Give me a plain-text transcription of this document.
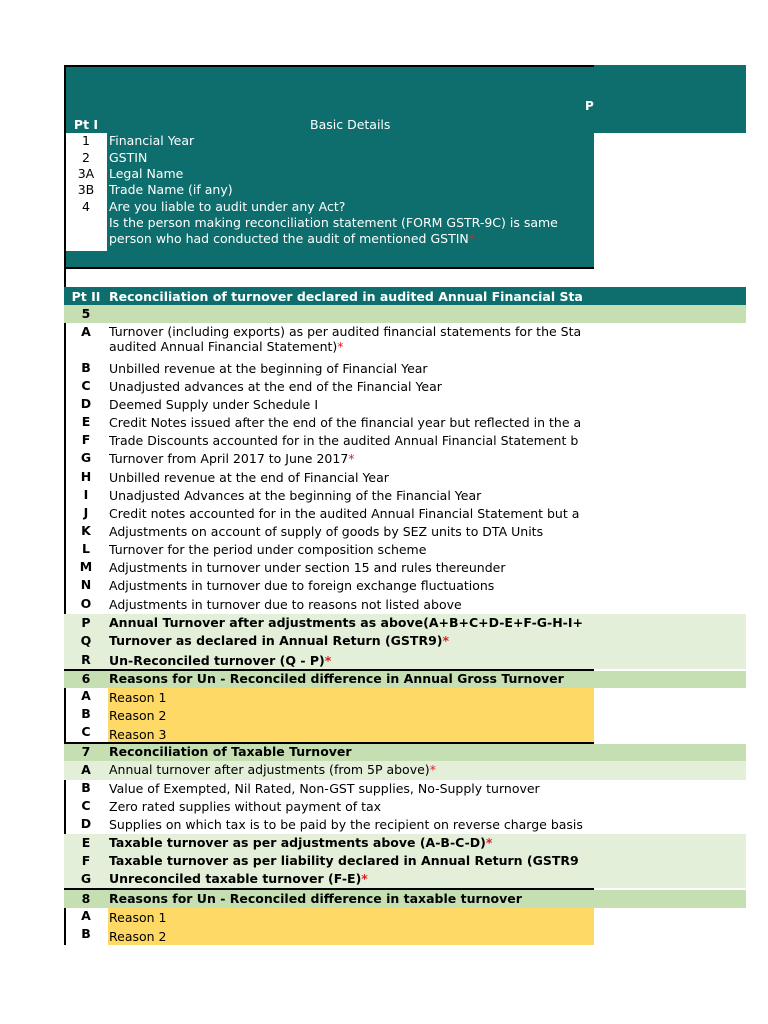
P
Pt I	Basic Details
1	Financial Year
2	GSTIN
3A	Legal Name
3B	Trade Name (if any)
4	Are you liable to audit under any Act?
Is the person making reconciliation statement (FORM GSTR-9C) is same
person who had conducted the audit of mentioned GSTIN*
Pt II Reconciliation of turnover declared in audited Annual Financial Sta
5
A	Turnover (including exports) as per audited financial statements for the Sta
audited Annual Financial Statement)*
B	Unbilled revenue at the beginning of Financial Year
C	Unadjusted advances at the end of the Financial Year
D	Deemed Supply under Schedule I
E	Credit Notes issued after the end of the financial year but reflected in the a
F	Trade Discounts accounted for in the audited Annual Financial Statement b
G	Turnover from April 2017 to June 2017*
H	Unbilled revenue at the end of Financial Year
I	Unadjusted Advances at the beginning of the Financial Year
J	Credit notes accounted for in the audited Annual Financial Statement but a
K	Adjustments on account of supply of goods by SEZ units to DTA Units
L	Turnover for the period under composition scheme
M	Adjustments in turnover under section 15 and rules thereunder
N	Adjustments in turnover due to foreign exchange fluctuations
O	Adjustments in turnover due to reasons not listed above
P	Annual Turnover after adjustments as above(A+B+C+D-E+F-G-H-I+
Q	Turnover as declared in Annual Return (GSTR9)*
R	Un-Reconciled turnover (Q - P)*
6	Reasons for Un - Reconciled difference in Annual Gross Turnover
A	Reason 1
B	Reason 2
C	Reason 3
7	Reconciliation of Taxable Turnover
A	Annual turnover after adjustments (from 5P above)*
B	Value of Exempted, Nil Rated, Non-GST supplies, No-Supply turnover
C	Zero rated supplies without payment of tax
D	Supplies on which tax is to be paid by the recipient on reverse charge basis
E	Taxable turnover as per adjustments above (A-B-C-D)*
F	Taxable turnover as per liability declared in Annual Return (GSTR9
G	Unreconciled taxable turnover (F-E)*
8	Reasons for Un - Reconciled difference in taxable turnover
A	Reason 1
B	Reason 2
